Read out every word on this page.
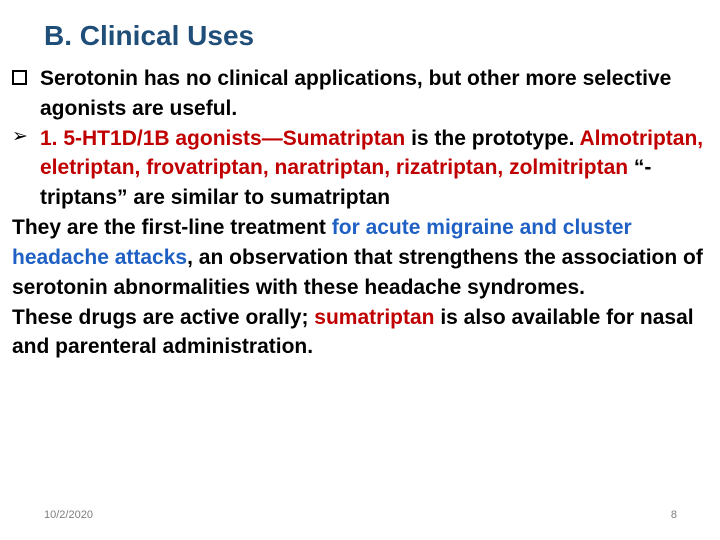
B. Clinical Uses

Serotonin has no clinical applications, but other more selective agonists are useful.

➢ 1. 5-HT1D/1B agonists—Sumatriptan is the prototype. Almotriptan, eletriptan, frovatriptan, naratriptan, rizatriptan, zolmitriptan “-triptans” are similar to sumatriptan

They are the first-line treatment for acute migraine and cluster headache attacks, an observation that strengthens the association of serotonin abnormalities with these headache syndromes.

These drugs are active orally; sumatriptan is also available for nasal and parenteral administration.

10/2/2020	8
